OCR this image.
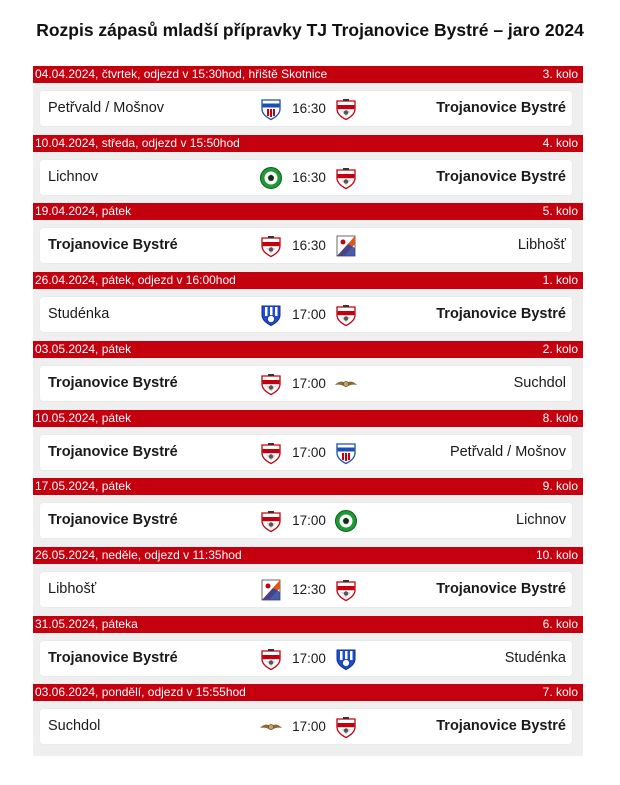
Rozpis zápasů mladší přípravky TJ Trojanovice Bystré – jaro 2024
04.04.2024, čtvrtek, odjezd v 15:30hod, hřiště Skotnice	3. kolo
Petřvald / Mošnov	16:30	Trojanovice Bystré
10.04.2024, středa, odjezd v 15:50hod	4. kolo
Lichnov	16:30	Trojanovice Bystré
19.04.2024, pátek	5. kolo
Trojanovice Bystré	16:30	Libhošť
26.04.2024, pátek, odjezd v 16:00hod	1. kolo
Studénka	17:00	Trojanovice Bystré
03.05.2024, pátek	2. kolo
Trojanovice Bystré	17:00	Suchdol
10.05.2024, pátek	8. kolo
Trojanovice Bystré	17:00	Petřvald / Mošnov
17.05.2024, pátek	9. kolo
Trojanovice Bystré	17:00	Lichnov
26.05.2024, neděle, odjezd v 11:35hod	10. kolo
Libhošť	12:30	Trojanovice Bystré
31.05.2024, páteka	6. kolo
Trojanovice Bystré	17:00	Studénka
03.06.2024, pondělí, odjezd v 15:55hod	7. kolo
Suchdol	17:00	Trojanovice Bystré
